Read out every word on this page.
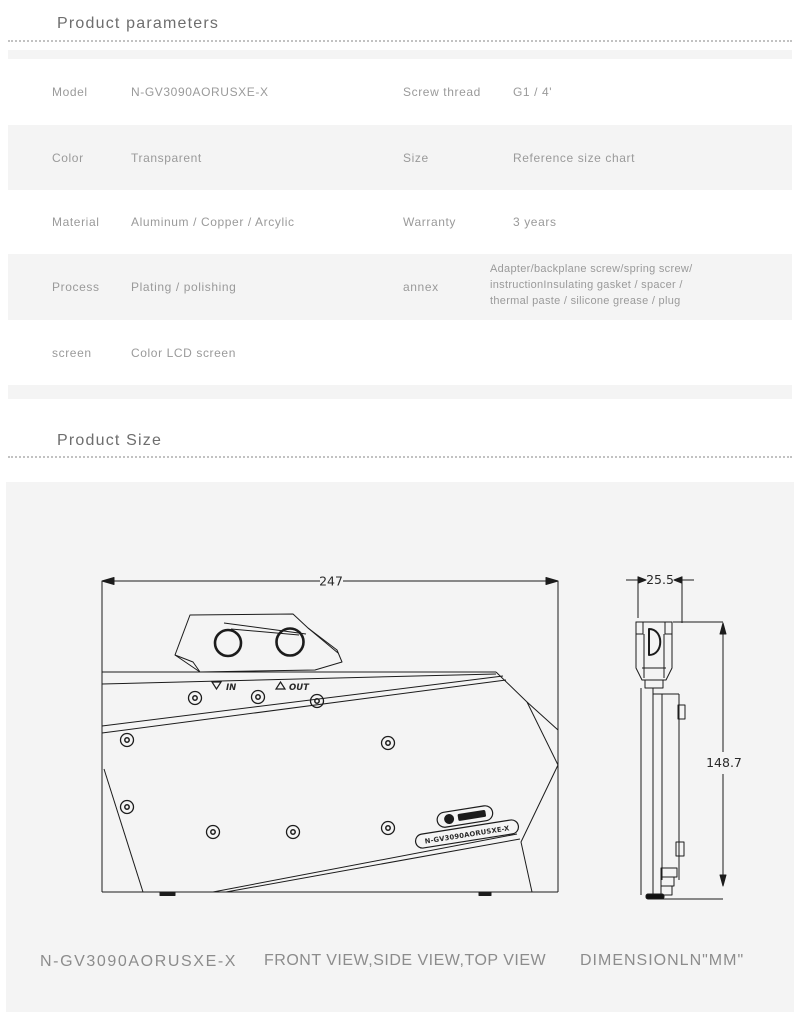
Product parameters
Model	N-GV3090AORUSXE-X	Screw thread	G1 / 4'
Color	Transparent	Size	Reference size chart
Material	Aluminum / Copper / Arcylic	Warranty	3 years
Process	Plating / polishing	annex
Adapter/backplane screw/spring screw/
instructionInsulating gasket / spacer /
thermal paste / silicone grease / plug
screen	Color LCD screen
Product Size
IN	OUT
N-GV3090AORUSXE-X
247	25.5
148.7
N-GV3090AORUSXE-X FRONT VIEW,SIDE VIEW,TOP VIEW DIMENSIONLN"MM"
